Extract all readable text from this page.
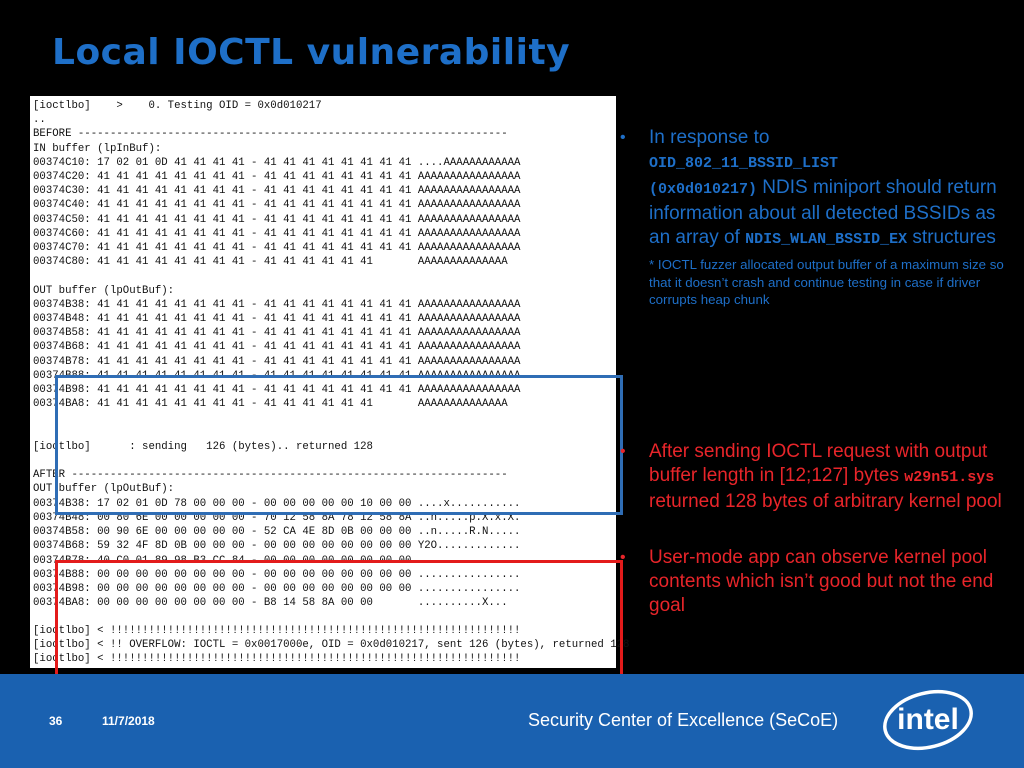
Local IOCTL vulnerability
[ioctlbo]    >    0. Testing OID = 0x0d010217
..
BEFORE -------------------------------------------------------------------
IN buffer (lpInBuf):
00374C10: 17 02 01 0D 41 41 41 41 - 41 41 41 41 41 41 41 41 ....AAAAAAAAAAAA
00374C20: 41 41 41 41 41 41 41 41 - 41 41 41 41 41 41 41 41 AAAAAAAAAAAAAAAA
00374C30: 41 41 41 41 41 41 41 41 - 41 41 41 41 41 41 41 41 AAAAAAAAAAAAAAAA
00374C40: 41 41 41 41 41 41 41 41 - 41 41 41 41 41 41 41 41 AAAAAAAAAAAAAAAA
00374C50: 41 41 41 41 41 41 41 41 - 41 41 41 41 41 41 41 41 AAAAAAAAAAAAAAAA
00374C60: 41 41 41 41 41 41 41 41 - 41 41 41 41 41 41 41 41 AAAAAAAAAAAAAAAA
00374C70: 41 41 41 41 41 41 41 41 - 41 41 41 41 41 41 41 41 AAAAAAAAAAAAAAAA
00374C80: 41 41 41 41 41 41 41 41 - 41 41 41 41 41 41       AAAAAAAAAAAAAA

OUT buffer (lpOutBuf):
00374B38: 41 41 41 41 41 41 41 41 - 41 41 41 41 41 41 41 41 AAAAAAAAAAAAAAAA
00374B48: 41 41 41 41 41 41 41 41 - 41 41 41 41 41 41 41 41 AAAAAAAAAAAAAAAA
00374B58: 41 41 41 41 41 41 41 41 - 41 41 41 41 41 41 41 41 AAAAAAAAAAAAAAAA
00374B68: 41 41 41 41 41 41 41 41 - 41 41 41 41 41 41 41 41 AAAAAAAAAAAAAAAA
00374B78: 41 41 41 41 41 41 41 41 - 41 41 41 41 41 41 41 41 AAAAAAAAAAAAAAAA
00374B88: 41 41 41 41 41 41 41 41 - 41 41 41 41 41 41 41 41 AAAAAAAAAAAAAAAA
00374B98: 41 41 41 41 41 41 41 41 - 41 41 41 41 41 41 41 41 AAAAAAAAAAAAAAAA
00374BA8: 41 41 41 41 41 41 41 41 - 41 41 41 41 41 41       AAAAAAAAAAAAAA

[ioctlbo]      : sending   126 (bytes).. returned 128

AFTER --------------------------------------------------------------------
OUT buffer (lpOutBuf):
00374B38: 17 02 01 0D 78 00 00 00 - 00 00 00 00 00 10 00 00 ....x...........
00374B48: 00 80 6E 00 00 00 00 00 - 70 12 58 8A 78 12 58 8A ..n.....p.X.x.X.
00374B58: 00 90 6E 00 00 00 00 00 - 52 CA 4E 8D 0B 00 00 00 ..n.....R.N.....
00374B68: 59 32 4F 8D 0B 00 00 00 - 00 00 00 00 00 00 00 00 Y2O.............
00374B78: 40 C0 01 89 98 B3 CC 84 - 00 00 00 00 00 00 00 00 ................
00374B88: 00 00 00 00 00 00 00 00 - 00 00 00 00 00 00 00 00 ................
00374B98: 00 00 00 00 00 00 00 00 - 00 00 00 00 00 00 00 00 ................
00374BA8: 00 00 00 00 00 00 00 00 - B8 14 58 8A 00 00       ..........X...
[ioctlbo] < !!!!!!!!!!!!!!!!!!!!!!!!!!!!!!!!!!!!!!!!!!!!!!!!!!!!!!!!!!!!!!!!
[ioctlbo] < !! OVERFLOW: IOCTL = 0x0017000e, OID = 0x0d010217, sent 126 (bytes), returned 128
[ioctlbo] < !!!!!!!!!!!!!!!!!!!!!!!!!!!!!!!!!!!!!!!!!!!!!!!!!!!!!!!!!!!!!!!!
• In response to
OID_802_11_BSSID_LIST
(0x0d010217) NDIS miniport should return information about all detected BSSIDs as an array of NDIS_WLAN_BSSID_EX structures
* IOCTL fuzzer allocated output buffer of a maximum size so that it doesn’t crash and continue testing in case if driver corrupts heap chunk
• After sending IOCTL request with output buffer length in [12;127] bytes w29n51.sys returned 128 bytes of arbitrary kernel pool
• User-mode app can observe kernel pool contents which isn’t good but not the end goal
36	11/7/2018	Security Center of Excellence (SeCoE) intel
